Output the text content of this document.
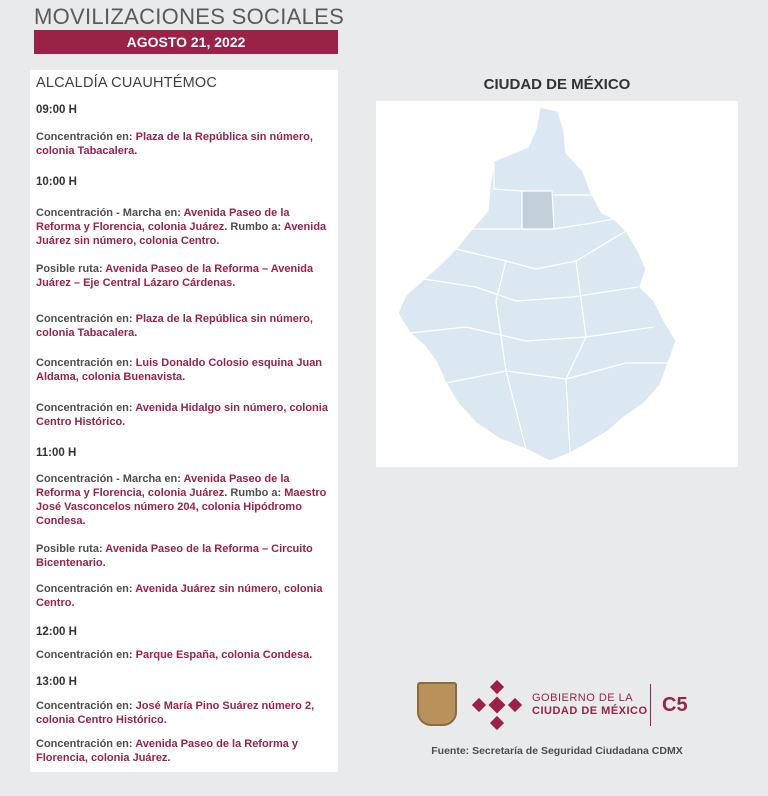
MOVILIZACIONES SOCIALES
AGOSTO 21, 2022
ALCALDÍA CUAUHTÉMOC
09:00 H
Concentración en: Plaza de la República sin número, colonia Tabacalera.
10:00 H
Concentración - Marcha en: Avenida Paseo de la Reforma y Florencia, colonia Juárez. Rumbo a: Avenida Juárez sin número, colonia Centro.
Posible ruta: Avenida Paseo de la Reforma – Avenida Juárez – Eje Central Lázaro Cárdenas.
Concentración en: Plaza de la República sin número, colonia Tabacalera.
Concentración en: Luis Donaldo Colosio esquina Juan Aldama, colonia Buenavista.
Concentración en: Avenida Hidalgo sin número, colonia Centro Histórico.
11:00 H
Concentración - Marcha en: Avenida Paseo de la Reforma y Florencia, colonia Juárez. Rumbo a: Maestro José Vasconcelos número 204, colonia Hipódromo Condesa.
Posible ruta: Avenida Paseo de la Reforma – Circuito Bicentenario.
Concentración en: Avenida Juárez sin número, colonia Centro.
12:00 H
Concentración en: Parque España, colonia Condesa.
13:00 H
Concentración en: José María Pino Suárez número 2, colonia Centro Histórico.
Concentración en: Avenida Paseo de la Reforma y Florencia, colonia Juárez.
CIUDAD DE MÉXICO
GOBIERNO DE LA
CIUDAD DE MÉXICO C5
Fuente: Secretaría de Seguridad Ciudadana CDMX
